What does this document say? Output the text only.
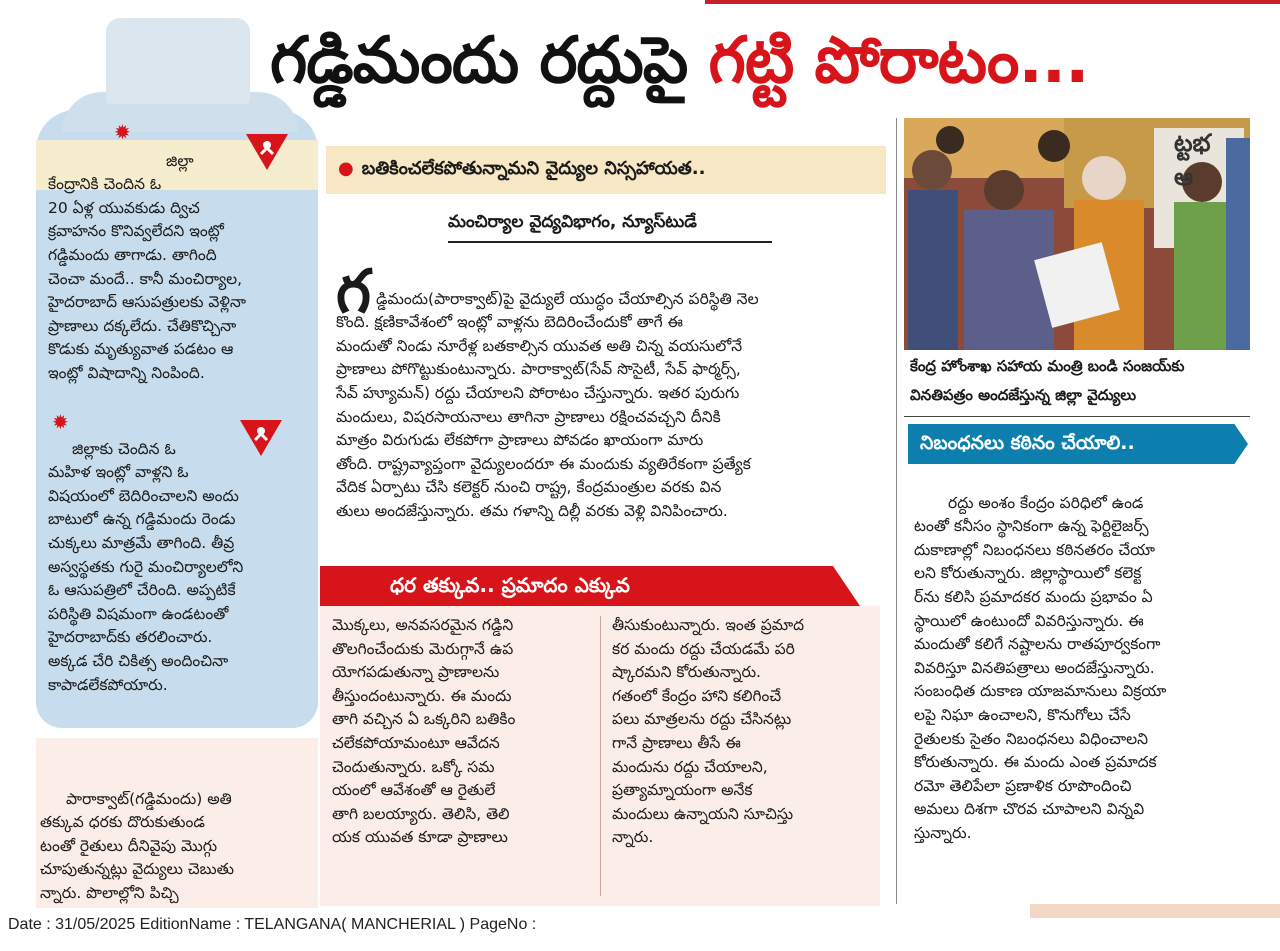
గడ్డిమందు రద్దుపై గట్టి పోరాటం...
✹

జిల్లా
కేంద్రానికి చెందిన ఓ
20 ఏళ్ల యువకుడు ద్విచ
క్రవాహనం కొనివ్వలేదని ఇంట్లో
గడ్డిమందు తాగాడు. తాగింది
చెంచా మందే.. కానీ మంచిర్యాల,
హైదరాబాద్‌ ఆసుపత్రులకు వెళ్లినా
ప్రాణాలు దక్కలేదు. చేతికొచ్చినా
కొడుకు మృత్యువాత పడటం ఆ
ఇంట్లో విషాదాన్ని నింపింది.

✹

జిల్లాకు చెందిన ఓ
మహిళ ఇంట్లో వాళ్లని ఓ
విషయంలో బెదిరించాలని అందు
బాటులో ఉన్న గడ్డిమందు రెండు
చుక్కలు మాత్రమే తాగింది. తీవ్ర
అస్వస్థతకు గురై మంచిర్యాలలోని
ఓ ఆసుపత్రిలో చేరింది. అప్పటికే
పరిస్థితి విషమంగా ఉండటంతో
హైదరాబాద్‌కు తరలించారు.
అక్కడ చేరి చికిత్స అందించినా
కాపాడలేకపోయారు.

పారాక్వాట్‌(గడ్డిమందు) అతి
తక్కువ ధరకు దొరుకుతుండ
టంతో రైతులు దీనివైపు మొగ్గు
చూపుతున్నట్లు వైద్యులు చెబుతు
న్నారు. పొలాల్లోని పిచ్చి

● బతికించలేకపోతున్నామని వైద్యుల నిస్సహాయత..
మంచిర్యాల వైద్యవిభాగం, న్యూస్‌టుడే
గ డ్డిమందు(పారాక్వాట్‌)పై వైద్యులే యుద్ధం చేయాల్సిన పరిస్థితి నెల
కొంది. క్షణికావేశంలో ఇంట్లో వాళ్లను బెదిరించేందుకో తాగే ఈ
మందుతో నిండు నూరేళ్ల బతకాల్సిన యువత అతి చిన్న వయసులోనే
ప్రాణాలు పోగొట్టుకుంటున్నారు. పారాక్వాట్‌(సేవ్‌ సొసైటీ, సేవ్‌ ఫార్మర్స్‌,
సేవ్‌ హ్యూమన్‌) రద్దు చేయాలని పోరాటం చేస్తున్నారు. ఇతర పురుగు
మందులు, విషరసాయనాలు తాగినా ప్రాణాలు రక్షించవచ్చని దీనికి
మాత్రం విరుగుడు లేకపోగా ప్రాణాలు పోవడం ఖాయంగా మారు
తోంది. రాష్ట్రవ్యాప్తంగా వైద్యులందరూ ఈ మందుకు వ్యతిరేకంగా ప్రత్యేక
వేదిక ఏర్పాటు చేసి కలెక్టర్‌ నుంచి రాష్ట్ర, కేంద్రమంత్రుల వరకు విన
తులు అందజేస్తున్నారు. తమ గళాన్ని దిల్లీ వరకు వెళ్లి వినిపించారు.

ధర తక్కువ.. ప్రమాదం ఎక్కువ
మొక్కలు, అనవసరమైన గడ్డిని
తొలగించేందుకు మెరుగ్గానే ఉప
యోగపడుతున్నా ప్రాణాలను
తీస్తుందంటున్నారు. ఈ మందు
తాగి వచ్చిన ఏ ఒక్కరిని బతికిం
చలేకపోయామంటూ ఆవేదన
చెందుతున్నారు. ఒక్కో సమ
యంలో ఆవేశంతో ఆ రైతులే
తాగి బలయ్యారు. తెలిసి, తెలి
యక యువత కూడా ప్రాణాలు
తీసుకుంటున్నారు. ఇంత ప్రమాద
కర మందు రద్దు చేయడమే పరి
ష్కారమని కోరుతున్నారు.
గతంలో కేంద్రం హాని కలిగించే
పలు మాత్రలను రద్దు చేసినట్లు
గానే ప్రాణాలు తీసే ఈ
మందును రద్దు చేయాలని,
ప్రత్యామ్నాయంగా అనేక
మందులు ఉన్నాయని సూచిస్తు
న్నారు.
ట్టభ
ఆ
కేంద్ర హోంశాఖ సహాయ మంత్రి బండి సంజయ్‌కు
వినతిపత్రం అందజేస్తున్న జిల్లా వైద్యులు
నిబంధనలు కఠినం చేయాలి..

రద్దు అంశం కేంద్రం పరిధిలో ఉండ
టంతో కనీసం స్థానికంగా ఉన్న ఫెర్టిలైజర్స్‌
దుకాణాల్లో నిబంధనలు కఠినతరం చేయా
లని కోరుతున్నారు. జిల్లాస్థాయిలో కలెక్ట
ర్‌ను కలిసి ప్రమాదకర మందు ప్రభావం ఏ
స్థాయిలో ఉంటుందో వివరిస్తున్నారు. ఈ
మందుతో కలిగే నష్టాలను రాతపూర్వకంగా
వివరిస్తూ వినతిపత్రాలు అందజేస్తున్నారు.
సంబంధిత దుకాణ యాజమానులు విక్రయా
లపై నిఘా ఉంచాలని, కొనుగోలు చేసే
రైతులకు సైతం నిబంధనలు విధించాలని
కోరుతున్నారు. ఈ మందు ఎంత ప్రమాదక
రమో తెలిపేలా ప్రణాళిక రూపొందించి
అమలు దిశగా చొరవ చూపాలని విన్నవి
స్తున్నారు.

Date : 31/05/2025 EditionName : TELANGANA( MANCHERIAL ) PageNo :
